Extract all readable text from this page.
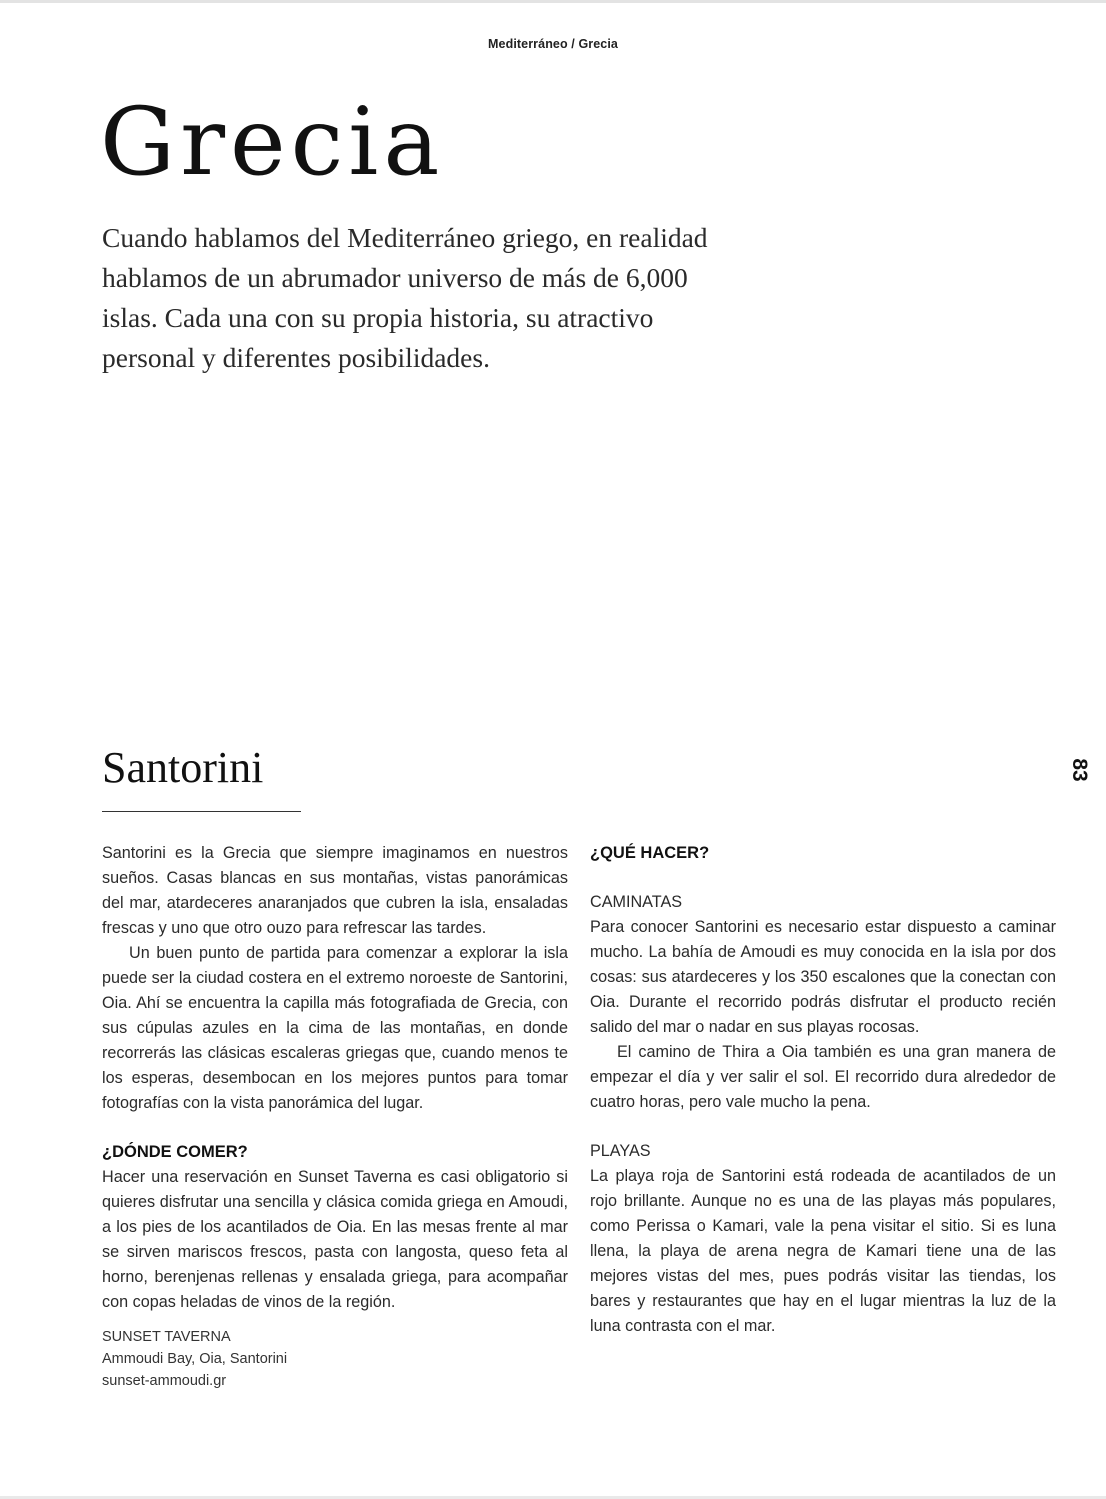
Mediterráneo / Grecia
Grecia
Cuando hablamos del Mediterráneo griego, en realidad
hablamos de un abrumador universo de más de 6,000
islas. Cada una con su propia historia, su atractivo
personal y diferentes posibilidades.
83
Santorini

Santorini es la Grecia que siempre imaginamos en nuestros sueños. Casas blancas en sus montañas, vistas panorámicas del mar, atardeceres anaranjados que cubren la isla, ensaladas frescas y uno que otro ouzo para refrescar las tardes.

Un buen punto de partida para comenzar a explorar la isla puede ser la ciudad costera en el extremo noroeste de Santorini, Oia. Ahí se encuentra la capilla más fotografiada de Grecia, con sus cúpulas azules en la cima de las montañas, en donde recorrerás las clásicas escaleras griegas que, cuando menos te los esperas, desembocan en los mejores puntos para tomar fotografías con la vista panorámica del lugar.

¿DÓNDE COMER?

Hacer una reservación en Sunset Taverna es casi obligatorio si quieres disfrutar una sencilla y clásica comida griega en Amoudi, a los pies de los acantilados de Oia. En las mesas frente al mar se sirven mariscos frescos, pasta con langosta, queso feta al horno, berenjenas rellenas y ensalada griega, para acompañar con copas heladas de vinos de la región.

SUNSET TAVERNA

Ammoudi Bay, Oia, Santorini

sunset-ammoudi.gr

¿QUÉ HACER?

CAMINATAS

Para conocer Santorini es necesario estar dispuesto a caminar mucho. La bahía de Amoudi es muy conocida en la isla por dos cosas: sus atardeceres y los 350 escalones que la conectan con Oia. Durante el recorrido podrás disfrutar el producto recién salido del mar o nadar en sus playas rocosas.

El camino de Thira a Oia también es una gran manera de empezar el día y ver salir el sol. El recorrido dura alrededor de cuatro horas, pero vale mucho la pena.

PLAYAS

La playa roja de Santorini está rodeada de acantilados de un rojo brillante. Aunque no es una de las playas más populares, como Perissa o Kamari, vale la pena visitar el sitio. Si es luna llena, la playa de arena negra de Kamari tiene una de las mejores vistas del mes, pues podrás visitar las tiendas, los bares y restaurantes que hay en el lugar mientras la luz de la luna contrasta con el mar.
